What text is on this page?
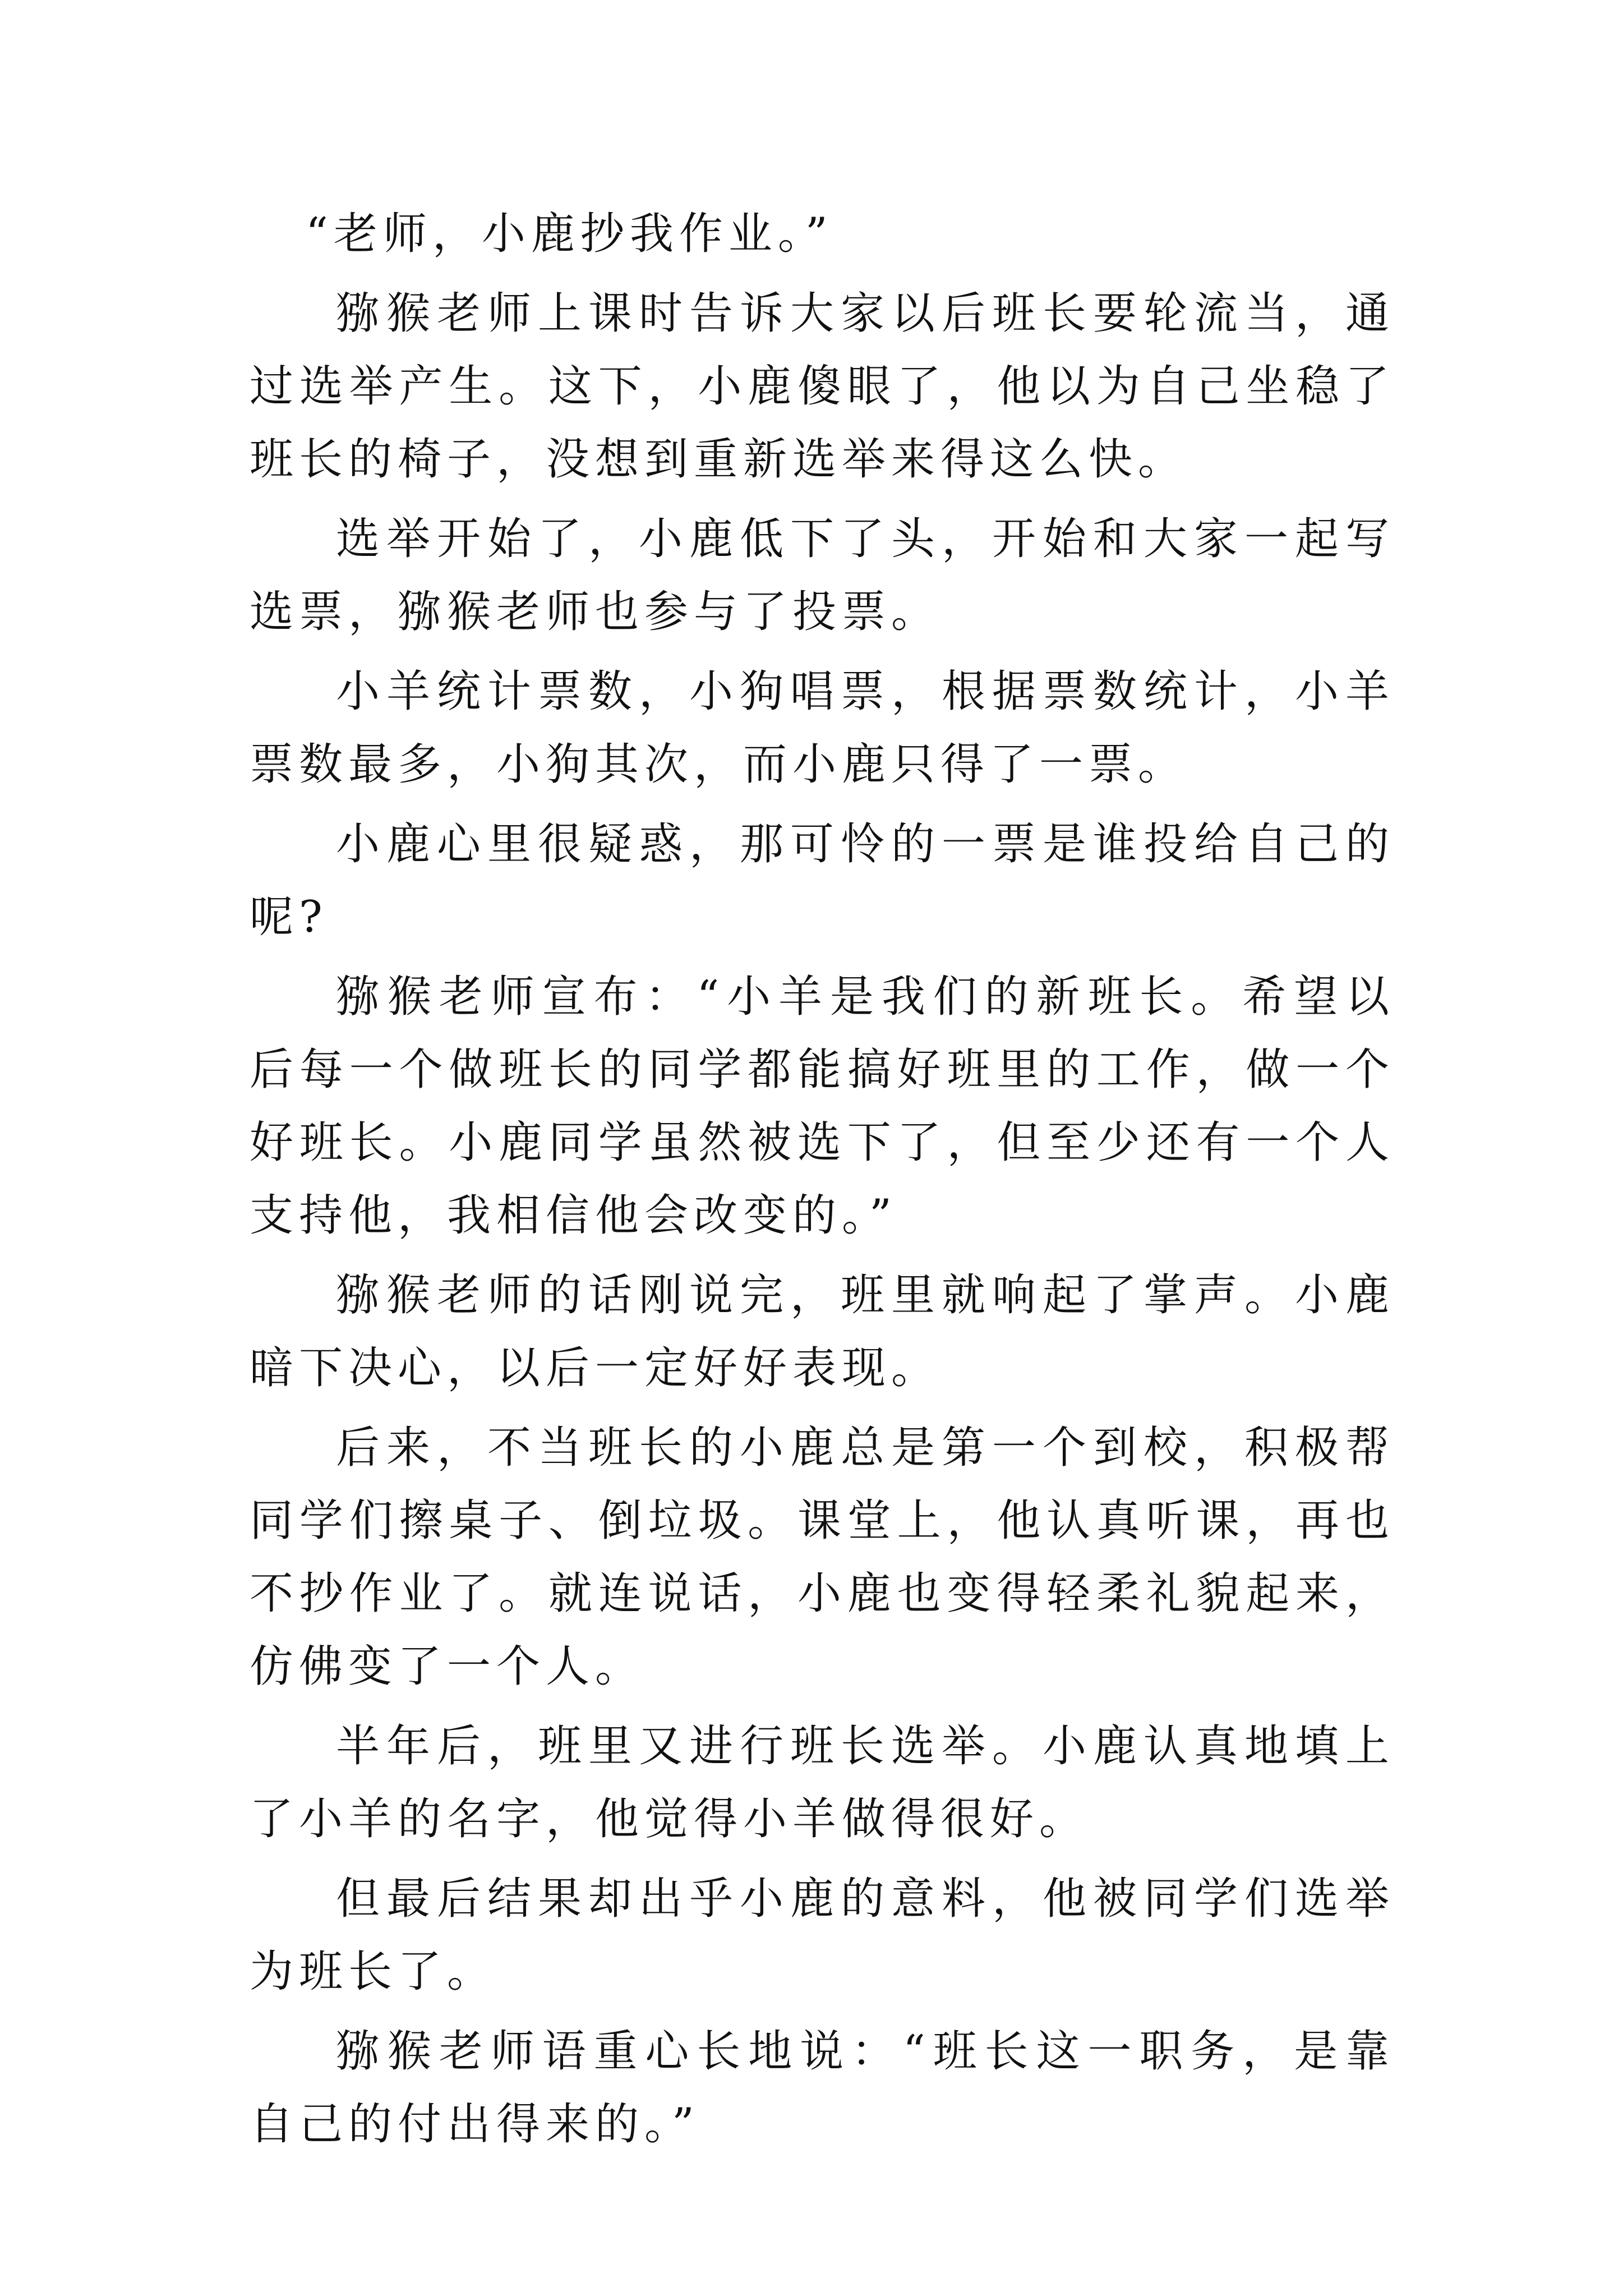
“老师，小鹿抄我作业。”

猕猴老师上课时告诉大家以后班长要轮流当，通过选举产生。这下，小鹿傻眼了，他以为自己坐稳了班长的椅子，没想到重新选举来得这么快。

选举开始了，小鹿低下了头，开始和大家一起写选票，猕猴老师也参与了投票。

小羊统计票数，小狗唱票，根据票数统计，小羊票数最多，小狗其次，而小鹿只得了一票。

小鹿心里很疑惑，那可怜的一票是谁投给自己的呢?

猕猴老师宣布：“小羊是我们的新班长。希望以后每一个做班长的同学都能搞好班里的工作，做一个好班长。小鹿同学虽然被选下了，但至少还有一个人支持他，我相信他会改变的。”

猕猴老师的话刚说完，班里就响起了掌声。小鹿暗下决心，以后一定好好表现。

后来，不当班长的小鹿总是第一个到校，积极帮同学们擦桌子、倒垃圾。课堂上，他认真听课，再也不抄作业了。就连说话，小鹿也变得轻柔礼貌起来，仿佛变了一个人。

半年后，班里又进行班长选举。小鹿认真地填上了小羊的名字，他觉得小羊做得很好。

但最后结果却出乎小鹿的意料，他被同学们选举为班长了。

猕猴老师语重心长地说：“班长这一职务，是靠自己的付出得来的。”
